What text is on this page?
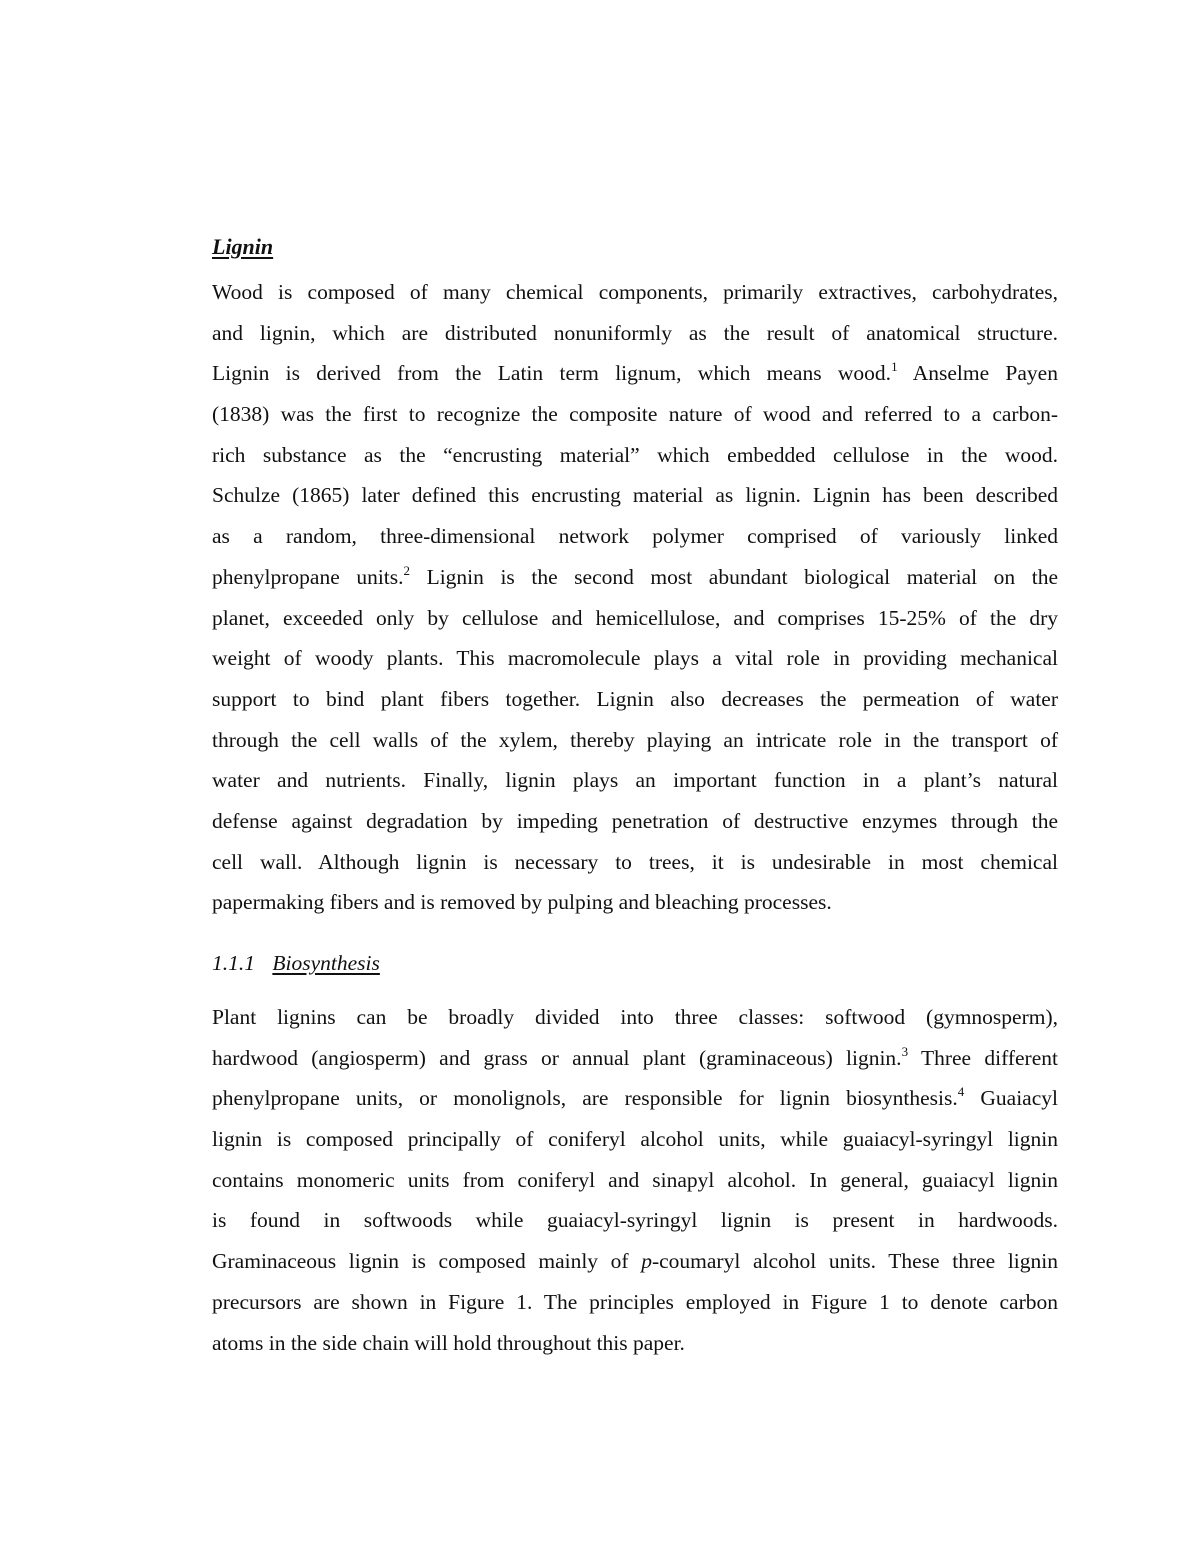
Lignin
Wood is composed of many chemical components, primarily extractives, carbohydrates,
and lignin, which are distributed nonuniformly as the result of anatomical structure.
Lignin is derived from the Latin term lignum, which means wood.$^1$ Anselme Payen
(1838) was the first to recognize the composite nature of wood and referred to a carbon-
rich substance as the “encrusting material” which embedded cellulose in the wood.
Schulze (1865) later defined this encrusting material as lignin. Lignin has been described
as a random, three-dimensional network polymer comprised of variously linked
phenylpropane units.$^2$ Lignin is the second most abundant biological material on the
planet, exceeded only by cellulose and hemicellulose, and comprises 15-25% of the dry
weight of woody plants. This macromolecule plays a vital role in providing mechanical
support to bind plant fibers together. Lignin also decreases the permeation of water
through the cell walls of the xylem, thereby playing an intricate role in the transport of
water and nutrients. Finally, lignin plays an important function in a plant’s natural
defense against degradation by impeding penetration of destructive enzymes through the
cell wall. Although lignin is necessary to trees, it is undesirable in most chemical
papermaking fibers and is removed by pulping and bleaching processes.
1.1.1 Biosynthesis
Plant lignins can be broadly divided into three classes: softwood (gymnosperm),
hardwood (angiosperm) and grass or annual plant (graminaceous) lignin.$^3$ Three different
phenylpropane units, or monolignols, are responsible for lignin biosynthesis.$^4$ Guaiacyl
lignin is composed principally of coniferyl alcohol units, while guaiacyl-syringyl lignin
contains monomeric units from coniferyl and sinapyl alcohol. In general, guaiacyl lignin
is found in softwoods while guaiacyl-syringyl lignin is present in hardwoods.
Graminaceous lignin is composed mainly of p-coumaryl alcohol units. These three lignin
precursors are shown in Figure 1. The principles employed in Figure 1 to denote carbon
atoms in the side chain will hold throughout this paper.
